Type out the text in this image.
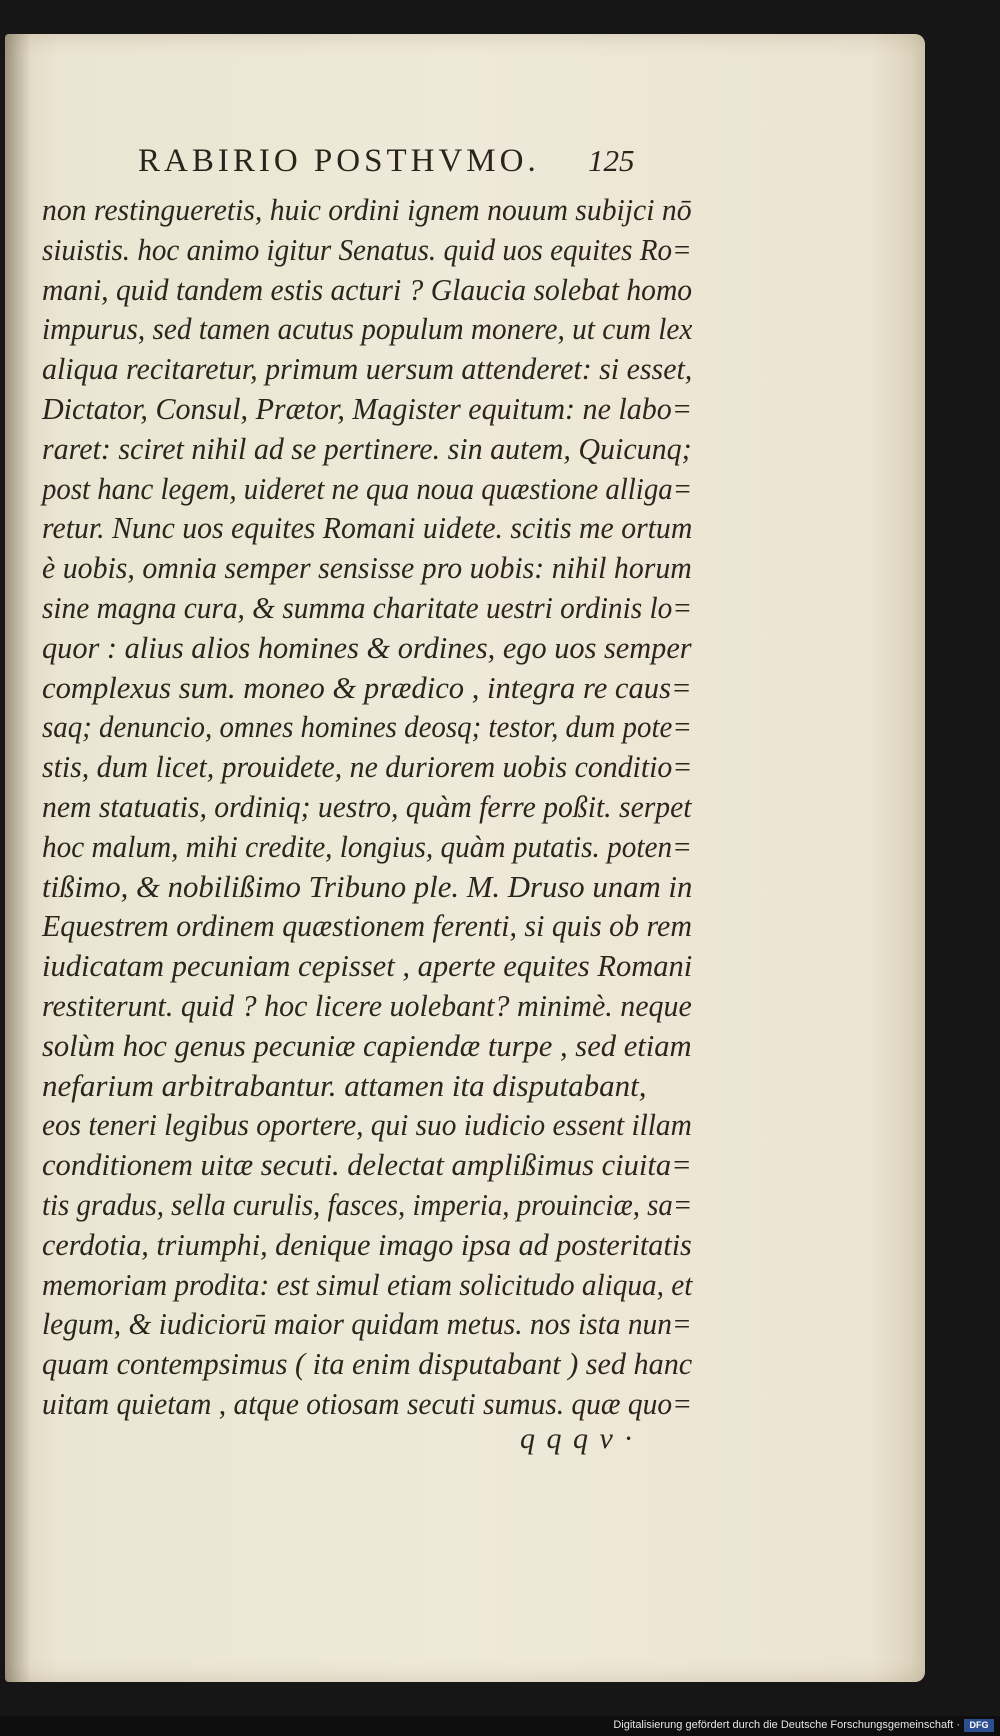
RABIRIO POSTHVMO.	125
non restingueretis, huic ordini ignem nouum subijci nō
siuistis. hoc animo igitur Senatus. quid uos equites Ro=
mani, quid tandem estis acturi ? Glaucia solebat homo
impurus, sed tamen acutus populum monere, ut cum lex
aliqua recitaretur, primum uersum attenderet: si esset,
Dictator, Consul, Prætor, Magister equitum: ne labo=
raret: sciret nihil ad se pertinere. sin autem, Quicunq;
post hanc legem, uideret ne qua noua quæstione alliga=
retur. Nunc uos equites Romani uidete. scitis me ortum
è uobis, omnia semper sensisse pro uobis: nihil horum
sine magna cura, & summa charitate uestri ordinis lo=
quor : alius alios homines & ordines, ego uos semper
complexus sum. moneo & prædico , integra re caus=
saq; denuncio, omnes homines deosq; testor, dum pote=
stis, dum licet, prouidete, ne duriorem uobis conditio=
nem statuatis, ordiniq; uestro, quàm ferre poßit. serpet
hoc malum, mihi credite, longius, quàm putatis. poten=
tißimo, & nobilißimo Tribuno ple. M. Druso unam in
Equestrem ordinem quæstionem ferenti, si quis ob rem
iudicatam pecuniam cepisset , aperte equites Romani
restiterunt. quid ? hoc licere uolebant? minimè. neque
solùm hoc genus pecuniæ capiendæ turpe , sed etiam
nefarium arbitrabantur. attamen ita disputabant,
eos teneri legibus oportere, qui suo iudicio essent illam
conditionem uitæ secuti. delectat amplißimus ciuita=
tis gradus, sella curulis, fasces, imperia, prouinciæ, sa=
cerdotia, triumphi, denique imago ipsa ad posteritatis
memoriam prodita: est simul etiam solicitudo aliqua, et
legum, & iudiciorū maior quidam metus. nos ista nun=
quam contempsimus ( ita enim disputabant ) sed hanc
uitam quietam , atque otiosam secuti sumus. quæ quo=
q q q v ·
Digitalisierung gefördert durch die Deutsche Forschungsgemeinschaft ·	DFG
